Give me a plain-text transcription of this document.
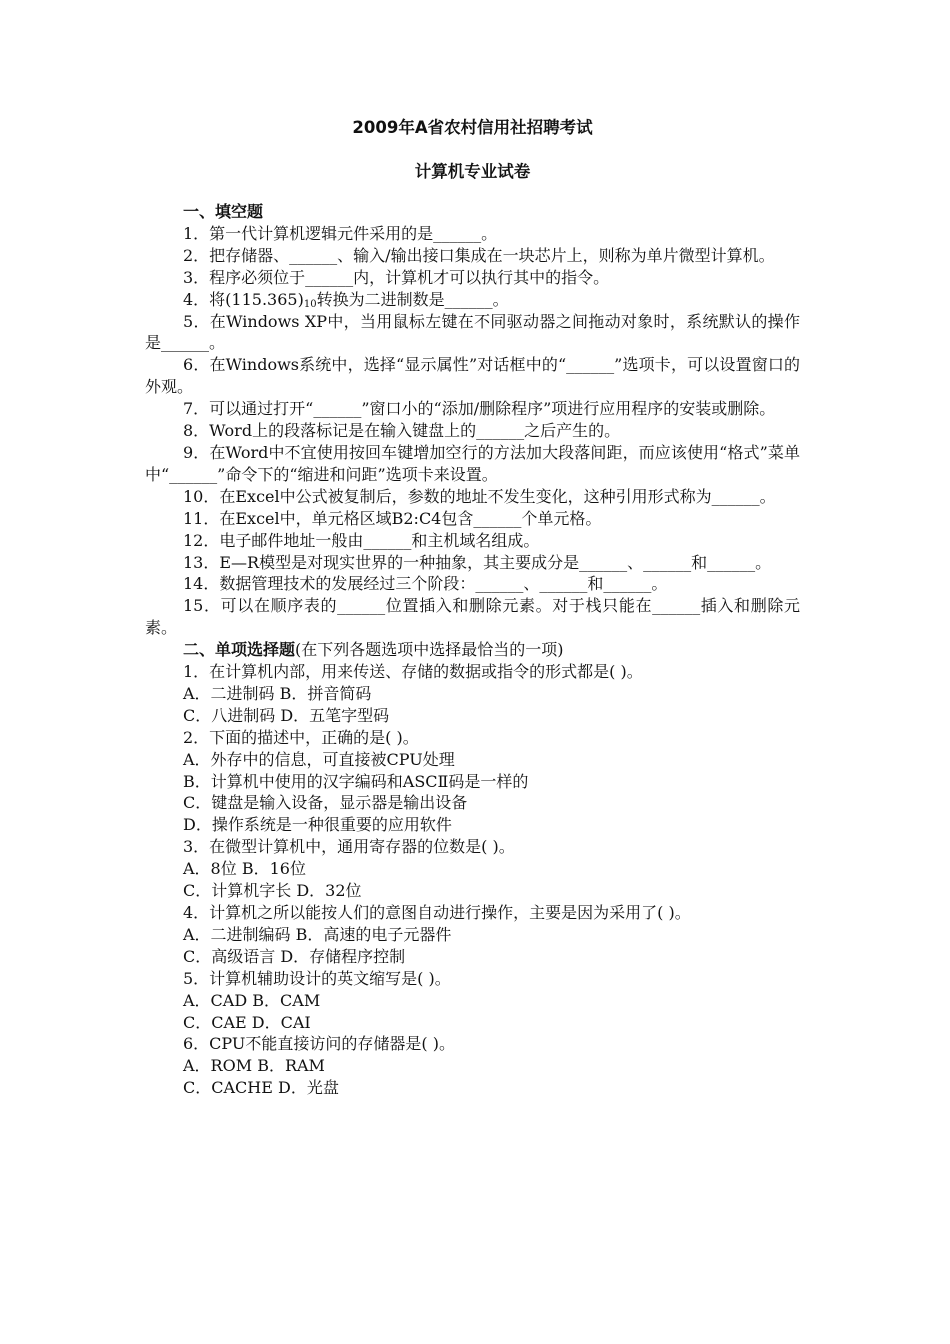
2009年A省农村信用社招聘考试
计算机专业试卷
一、填空题
1．第一代计算机逻辑元件采用的是______。
2．把存储器、______、输入/输出接口集成在一块芯片上，则称为单片微型计算机。
3．程序必须位于______内，计算机才可以执行其中的指令。
4．将$(115.365)_{10}$转换为二进制数是______。
5．在Windows XP中，当用鼠标左键在不同驱动器之间拖动对象时，系统默认的操作是______。
6．在Windows系统中，选择“显示属性”对话框中的“______”选项卡，可以设置窗口的外观。
7．可以通过打开“______”窗口小的“添加/删除程序”项进行应用程序的安装或删除。
8．Word上的段落标记是在输入键盘上的______之后产生的。
9．在Word中不宜使用按回车键增加空行的方法加大段落间距，而应该使用“格式”菜单中“______”命令下的“缩进和问距”选项卡来设置。
10．在Excel中公式被复制后，参数的地址不发生变化，这种引用形式称为______。
11．在Excel中，单元格区域B2:C4包含______个单元格。
12．电子邮件地址一般由______和主机域名组成。
13．E—R模型是对现实世界的一种抽象，其主要成分是______、______和______。
14．数据管理技术的发展经过三个阶段：______、______和______。
15．可以在顺序表的______位置插入和删除元素。对于栈只能在______插入和删除元素。
二、单项选择题(在下列各题选项中选择最恰当的一项)
1．在计算机内部，用来传送、存储的数据或指令的形式都是( )。
A．二进制码 B．拼音简码
C．八进制码 D．五笔字型码
2．下面的描述中，正确的是( )。
A．外存中的信息，可直接被CPU处理
B．计算机中使用的汉字编码和ASCⅡ码是一样的
C．键盘是输入设备，显示器是输出设备
D．操作系统是一种很重要的应用软件
3．在微型计算机中，通用寄存器的位数是( )。
A．8位 B．16位
C．计算机字长 D．32位
4．计算机之所以能按人们的意图自动进行操作，主要是因为采用了( )。
A．二进制编码 B．高速的电子元器件
C．高级语言 D．存储程序控制
5．计算机辅助设计的英文缩写是( )。
A．CAD B．CAM
C．CAE D．CAI
6．CPU不能直接访问的存储器是( )。
A．ROM B．RAM
C．CACHE D．光盘
